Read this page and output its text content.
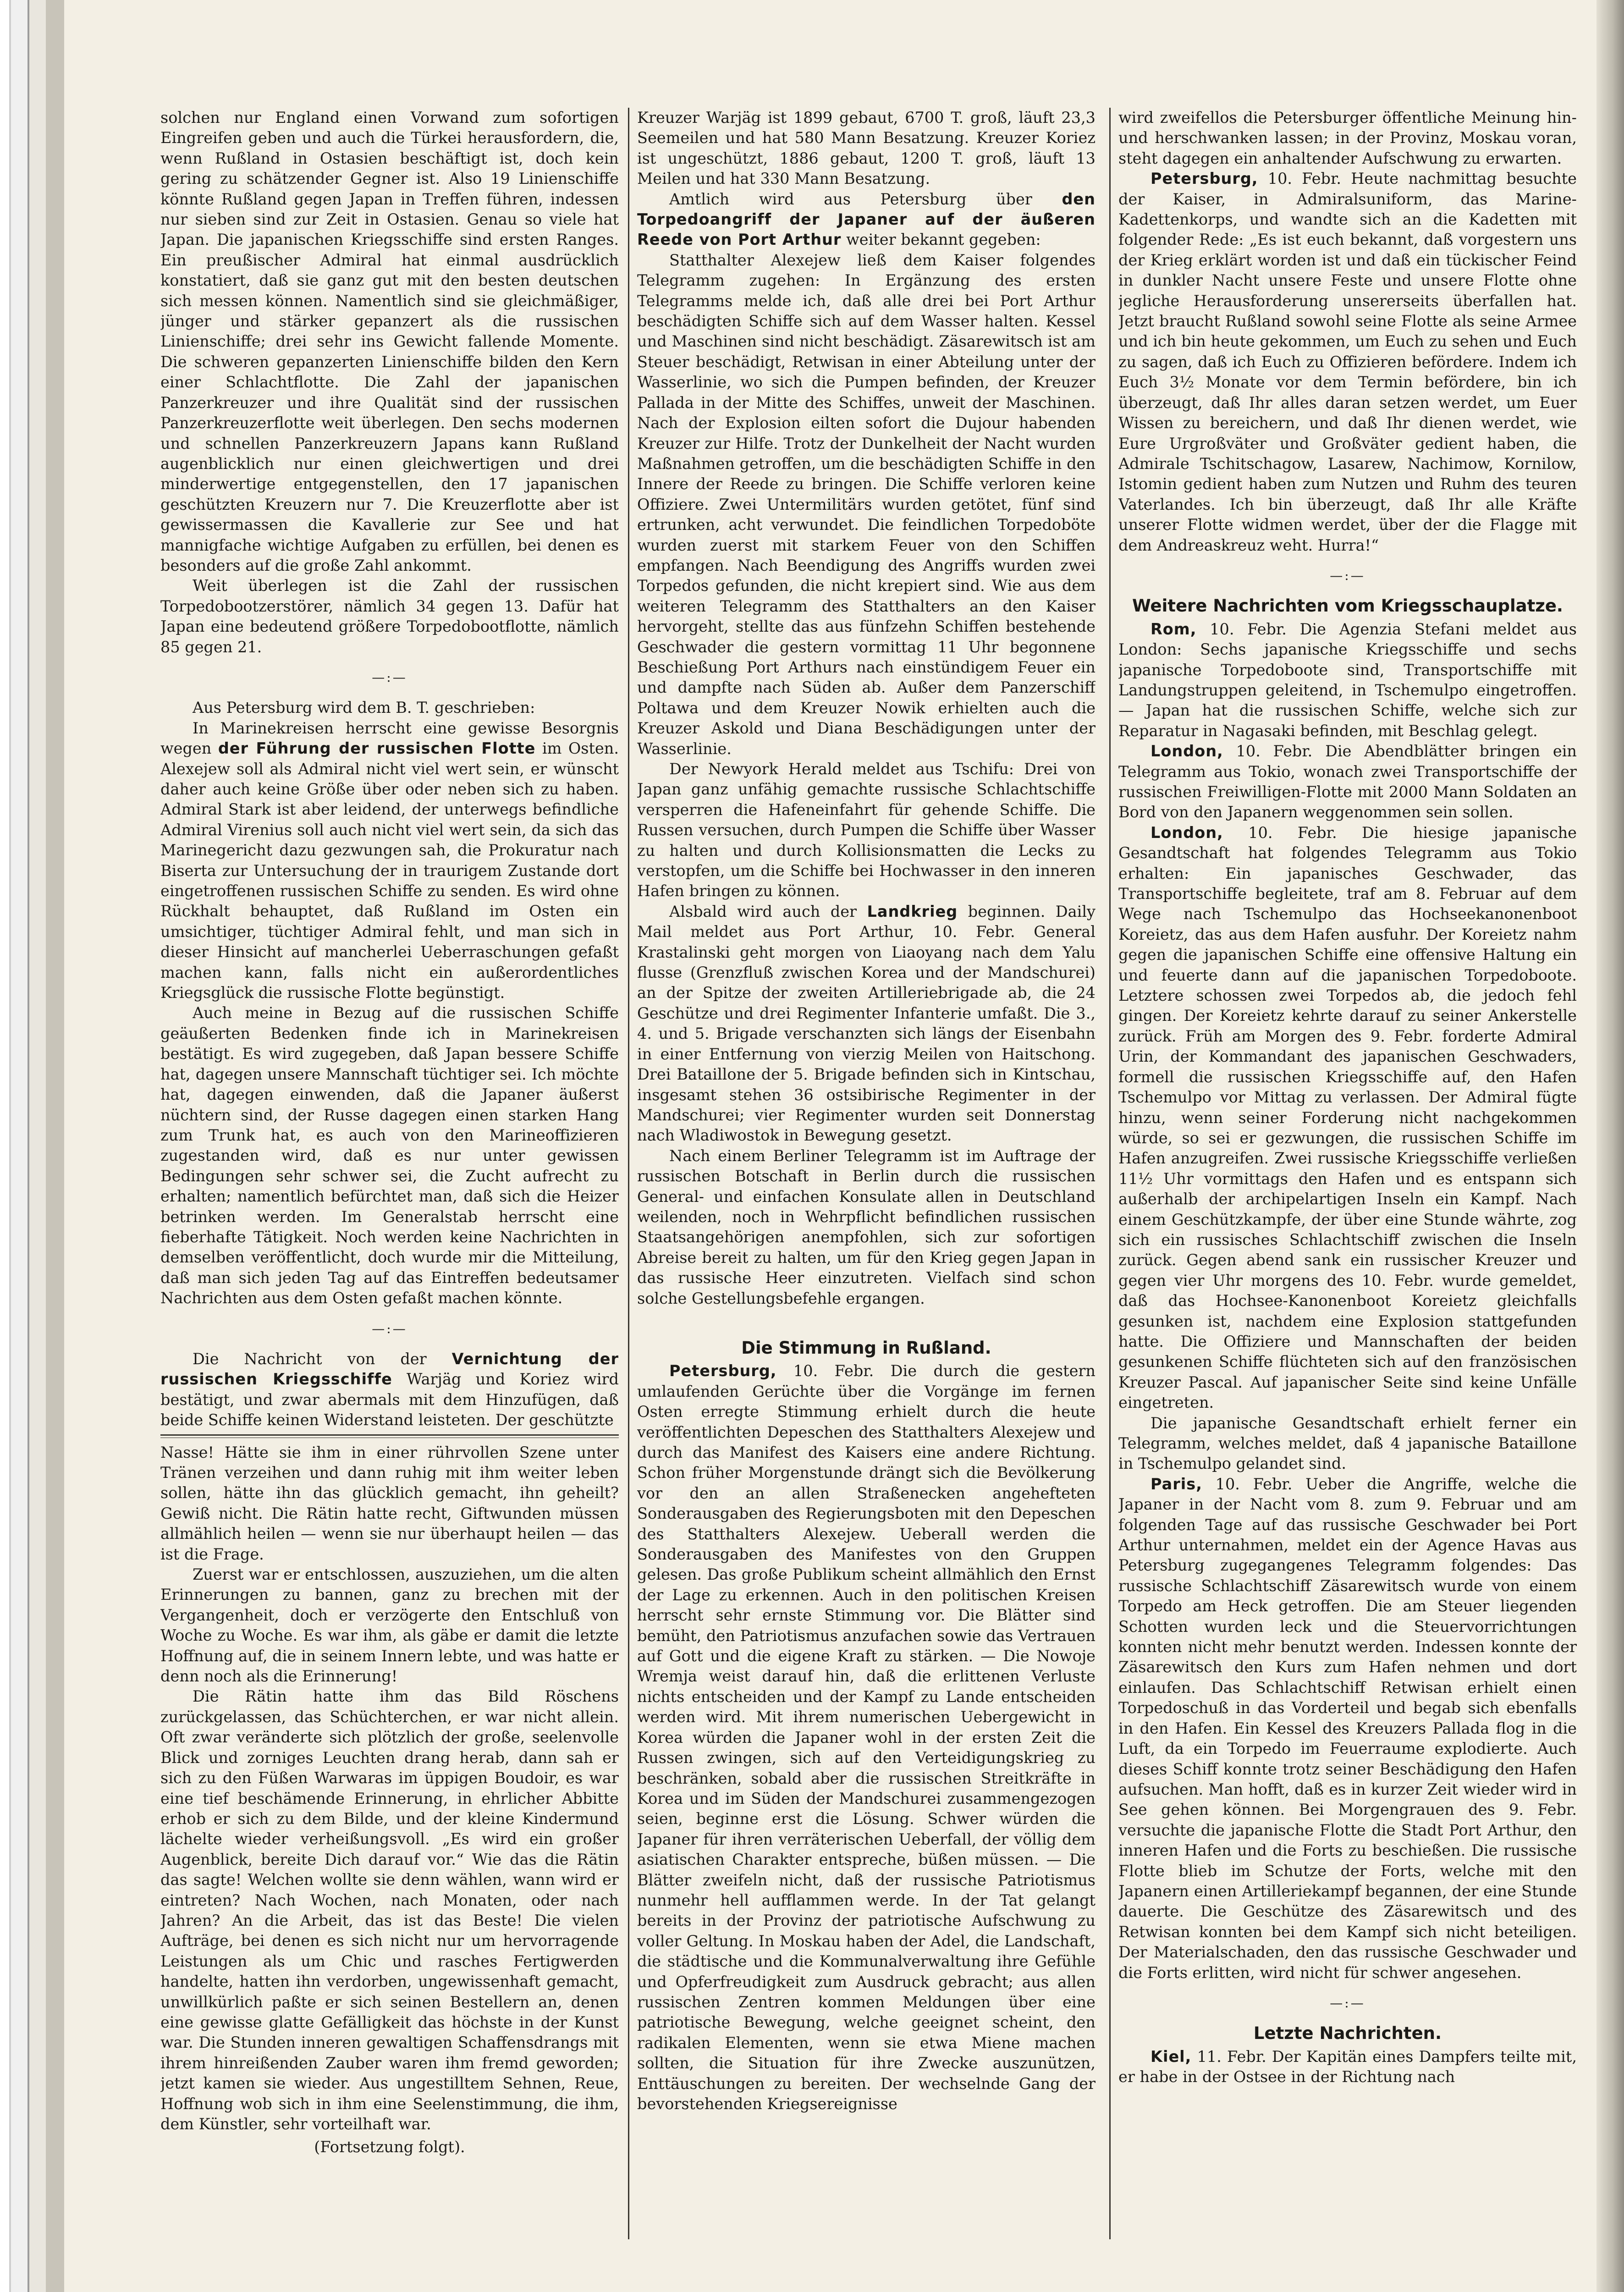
solchen nur England einen Vorwand zum sofortigen Eingreifen geben und auch die Türkei herausfordern, die, wenn Rußland in Ostasien beschäftigt ist, doch kein gering zu schätzender Gegner ist. Also 19 Linienschiffe könnte Rußland gegen Japan in Treffen führen, indessen nur sieben sind zur Zeit in Ostasien. Genau so viele hat Japan. Die japanischen Kriegsschiffe sind ersten Ranges. Ein preußischer Admiral hat einmal ausdrücklich konstatiert, daß sie ganz gut mit den besten deutschen sich messen können. Namentlich sind sie gleichmäßiger, jünger und stärker gepanzert als die russischen Linienschiffe; drei sehr ins Gewicht fallende Momente. Die schweren gepanzerten Linienschiffe bilden den Kern einer Schlachtflotte. Die Zahl der japanischen Panzerkreuzer und ihre Qualität sind der russischen Panzerkreuzerflotte weit überlegen. Den sechs modernen und schnellen Panzerkreuzern Japans kann Rußland augenblicklich nur einen gleichwertigen und drei minderwertige entgegenstellen, den 17 japanischen geschützten Kreuzern nur 7. Die Kreuzerflotte aber ist gewissermassen die Kavallerie zur See und hat mannigfache wichtige Aufgaben zu erfüllen, bei denen es besonders auf die große Zahl ankommt.

Weit überlegen ist die Zahl der russischen Torpedobootzerstörer, nämlich 34 gegen 13. Dafür hat Japan eine bedeutend größere Torpedobootflotte, nämlich 85 gegen 21.

—:—

Aus Petersburg wird dem B. T. geschrieben:

In Marinekreisen herrscht eine gewisse Besorgnis wegen der Führung der russischen Flotte im Osten. Alexejew soll als Admiral nicht viel wert sein, er wünscht daher auch keine Größe über oder neben sich zu haben. Admiral Stark ist aber leidend, der unterwegs befindliche Admiral Virenius soll auch nicht viel wert sein, da sich das Marinegericht dazu gezwungen sah, die Prokuratur nach Biserta zur Untersuchung der in traurigem Zustande dort eingetroffenen russischen Schiffe zu senden. Es wird ohne Rückhalt behauptet, daß Rußland im Osten ein umsichtiger, tüchtiger Admiral fehlt, und man sich in dieser Hinsicht auf mancherlei Ueberraschungen gefaßt machen kann, falls nicht ein außerordentliches Kriegsglück die russische Flotte begünstigt.

Auch meine in Bezug auf die russischen Schiffe geäußerten Bedenken finde ich in Marinekreisen bestätigt. Es wird zugegeben, daß Japan bessere Schiffe hat, dagegen unsere Mannschaft tüchtiger sei. Ich möchte hat, dagegen einwenden, daß die Japaner äußerst nüchtern sind, der Russe dagegen einen starken Hang zum Trunk hat, es auch von den Marineoffizieren zugestanden wird, daß es nur unter gewissen Bedingungen sehr schwer sei, die Zucht aufrecht zu erhalten; namentlich befürchtet man, daß sich die Heizer betrinken werden. Im Generalstab herrscht eine fieberhafte Tätigkeit. Noch werden keine Nachrichten in demselben veröffentlicht, doch wurde mir die Mitteilung, daß man sich jeden Tag auf das Eintreffen bedeutsamer Nachrichten aus dem Osten gefaßt machen könnte.

—:—

Die Nachricht von der Vernichtung der russischen Kriegsschiffe Warjäg und Koriez wird bestätigt, und zwar abermals mit dem Hinzufügen, daß beide Schiffe keinen Widerstand leisteten. Der geschützte

Nasse! Hätte sie ihm in einer rührvollen Szene unter Tränen verzeihen und dann ruhig mit ihm weiter leben sollen, hätte ihn das glücklich gemacht, ihn geheilt? Gewiß nicht. Die Rätin hatte recht, Giftwunden müssen allmählich heilen — wenn sie nur überhaupt heilen — das ist die Frage.

Zuerst war er entschlossen, auszuziehen, um die alten Erinnerungen zu bannen, ganz zu brechen mit der Vergangenheit, doch er verzögerte den Entschluß von Woche zu Woche. Es war ihm, als gäbe er damit die letzte Hoffnung auf, die in seinem Innern lebte, und was hatte er denn noch als die Erinnerung!

Die Rätin hatte ihm das Bild Röschens zurückgelassen, das Schüchterchen, er war nicht allein. Oft zwar veränderte sich plötzlich der große, seelenvolle Blick und zorniges Leuchten drang herab, dann sah er sich zu den Füßen Warwaras im üppigen Boudoir, es war eine tief beschämende Erinnerung, in ehrlicher Abbitte erhob er sich zu dem Bilde, und der kleine Kindermund lächelte wieder verheißungsvoll. „Es wird ein großer Augenblick, bereite Dich darauf vor.“ Wie das die Rätin das sagte! Welchen wollte sie denn wählen, wann wird er eintreten? Nach Wochen, nach Monaten, oder nach Jahren? An die Arbeit, das ist das Beste! Die vielen Aufträge, bei denen es sich nicht nur um hervorragende Leistungen als um Chic und rasches Fertigwerden handelte, hatten ihn verdorben, ungewissenhaft gemacht, unwillkürlich paßte er sich seinen Bestellern an, denen eine gewisse glatte Gefälligkeit das höchste in der Kunst war. Die Stunden inneren gewaltigen Schaffensdrangs mit ihrem hinreißenden Zauber waren ihm fremd geworden; jetzt kamen sie wieder. Aus ungestilltem Sehnen, Reue, Hoffnung wob sich in ihm eine Seelenstimmung, die ihm, dem Künstler, sehr vorteilhaft war.

(Fortsetzung folgt).

Kreuzer Warjäg ist 1899 gebaut, 6700 T. groß, läuft 23,3 Seemeilen und hat 580 Mann Besatzung. Kreuzer Koriez ist ungeschützt, 1886 gebaut, 1200 T. groß, läuft 13 Meilen und hat 330 Mann Besatzung.

Amtlich wird aus Petersburg über den Torpedoangriff der Japaner auf der äußeren Reede von Port Arthur weiter bekannt gegeben:

Statthalter Alexejew ließ dem Kaiser folgendes Telegramm zugehen: In Ergänzung des ersten Telegramms melde ich, daß alle drei bei Port Arthur beschädigten Schiffe sich auf dem Wasser halten. Kessel und Maschinen sind nicht beschädigt. Zäsarewitsch ist am Steuer beschädigt, Retwisan in einer Abteilung unter der Wasserlinie, wo sich die Pumpen befinden, der Kreuzer Pallada in der Mitte des Schiffes, unweit der Maschinen. Nach der Explosion eilten sofort die Dujour habenden Kreuzer zur Hilfe. Trotz der Dunkelheit der Nacht wurden Maßnahmen getroffen, um die beschädigten Schiffe in den Innere der Reede zu bringen. Die Schiffe verloren keine Offiziere. Zwei Untermilitärs wurden getötet, fünf sind ertrunken, acht verwundet. Die feindlichen Torpedoböte wurden zuerst mit starkem Feuer von den Schiffen empfangen. Nach Beendigung des Angriffs wurden zwei Torpedos gefunden, die nicht krepiert sind. Wie aus dem weiteren Telegramm des Statthalters an den Kaiser hervorgeht, stellte das aus fünfzehn Schiffen bestehende Geschwader die gestern vormittag 11 Uhr begonnene Beschießung Port Arthurs nach einstündigem Feuer ein und dampfte nach Süden ab. Außer dem Panzerschiff Poltawa und dem Kreuzer Nowik erhielten auch die Kreuzer Askold und Diana Beschädigungen unter der Wasserlinie.

Der Newyork Herald meldet aus Tschifu: Drei von Japan ganz unfähig gemachte russische Schlachtschiffe versperren die Hafeneinfahrt für gehende Schiffe. Die Russen versuchen, durch Pumpen die Schiffe über Wasser zu halten und durch Kollisionsmatten die Lecks zu verstopfen, um die Schiffe bei Hochwasser in den inneren Hafen bringen zu können.

Alsbald wird auch der Landkrieg beginnen. Daily Mail meldet aus Port Arthur, 10. Febr. General Krastalinski geht morgen von Liaoyang nach dem Yalu flusse (Grenzfluß zwischen Korea und der Mandschurei) an der Spitze der zweiten Artilleriebrigade ab, die 24 Geschütze und drei Regimenter Infanterie umfaßt. Die 3., 4. und 5. Brigade verschanzten sich längs der Eisenbahn in einer Entfernung von vierzig Meilen von Haitschong. Drei Bataillone der 5. Brigade befinden sich in Kintschau, insgesamt stehen 36 ostsibirische Regimenter in der Mandschurei; vier Regimenter wurden seit Donnerstag nach Wladiwostok in Bewegung gesetzt.

Nach einem Berliner Telegramm ist im Auftrage der russischen Botschaft in Berlin durch die russischen General- und einfachen Konsulate allen in Deutschland weilenden, noch in Wehrpflicht befindlichen russischen Staatsangehörigen anempfohlen, sich zur sofortigen Abreise bereit zu halten, um für den Krieg gegen Japan in das russische Heer einzutreten. Vielfach sind schon solche Gestellungsbefehle ergangen.

Die Stimmung in Rußland.

Petersburg, 10. Febr. Die durch die gestern umlaufenden Gerüchte über die Vorgänge im fernen Osten erregte Stimmung erhielt durch die heute veröffentlichten Depeschen des Statthalters Alexejew und durch das Manifest des Kaisers eine andere Richtung. Schon früher Morgenstunde drängt sich die Bevölkerung vor den an allen Straßenecken angehefteten Sonderausgaben des Regierungsboten mit den Depeschen des Statthalters Alexejew. Ueberall werden die Sonderausgaben des Manifestes von den Gruppen gelesen. Das große Publikum scheint allmählich den Ernst der Lage zu erkennen. Auch in den politischen Kreisen herrscht sehr ernste Stimmung vor. Die Blätter sind bemüht, den Patriotismus anzufachen sowie das Vertrauen auf Gott und die eigene Kraft zu stärken. — Die Nowoje Wremja weist darauf hin, daß die erlittenen Verluste nichts entscheiden und der Kampf zu Lande entscheiden werden wird. Mit ihrem numerischen Uebergewicht in Korea würden die Japaner wohl in der ersten Zeit die Russen zwingen, sich auf den Verteidigungskrieg zu beschränken, sobald aber die russischen Streitkräfte in Korea und im Süden der Mandschurei zusammengezogen seien, beginne erst die Lösung. Schwer würden die Japaner für ihren verräterischen Ueberfall, der völlig dem asiatischen Charakter entspreche, büßen müssen. — Die Blätter zweifeln nicht, daß der russische Patriotismus nunmehr hell aufflammen werde. In der Tat gelangt bereits in der Provinz der patriotische Aufschwung zu voller Geltung. In Moskau haben der Adel, die Landschaft, die städtische und die Kommunalverwaltung ihre Gefühle und Opferfreudigkeit zum Ausdruck gebracht; aus allen russischen Zentren kommen Meldungen über eine patriotische Bewegung, welche geeignet scheint, den radikalen Elementen, wenn sie etwa Miene machen sollten, die Situation für ihre Zwecke auszunützen, Enttäuschungen zu bereiten. Der wechselnde Gang der bevorstehenden Kriegsereignisse

wird zweifellos die Petersburger öffentliche Meinung hin- und herschwanken lassen; in der Provinz, Moskau voran, steht dagegen ein anhaltender Aufschwung zu erwarten.

Petersburg, 10. Febr. Heute nachmittag besuchte der Kaiser, in Admiralsuniform, das Marine-Kadettenkorps, und wandte sich an die Kadetten mit folgender Rede: „Es ist euch bekannt, daß vorgestern uns der Krieg erklärt worden ist und daß ein tückischer Feind in dunkler Nacht unsere Feste und unsere Flotte ohne jegliche Herausforderung unsererseits überfallen hat. Jetzt braucht Rußland sowohl seine Flotte als seine Armee und ich bin heute gekommen, um Euch zu sehen und Euch zu sagen, daß ich Euch zu Offizieren befördere. Indem ich Euch 3½ Monate vor dem Termin befördere, bin ich überzeugt, daß Ihr alles daran setzen werdet, um Euer Wissen zu bereichern, und daß Ihr dienen werdet, wie Eure Urgroßväter und Großväter gedient haben, die Admirale Tschitschagow, Lasarew, Nachimow, Kornilow, Istomin gedient haben zum Nutzen und Ruhm des teuren Vaterlandes. Ich bin überzeugt, daß Ihr alle Kräfte unserer Flotte widmen werdet, über der die Flagge mit dem Andreaskreuz weht. Hurra!“

—:—
Weitere Nachrichten vom Kriegsschauplatze.

Rom, 10. Febr. Die Agenzia Stefani meldet aus London: Sechs japanische Kriegsschiffe und sechs japanische Torpedoboote sind, Transportschiffe mit Landungstruppen geleitend, in Tschemulpo eingetroffen. — Japan hat die russischen Schiffe, welche sich zur Reparatur in Nagasaki befinden, mit Beschlag gelegt.

London, 10. Febr. Die Abendblätter bringen ein Telegramm aus Tokio, wonach zwei Transportschiffe der russischen Freiwilligen-Flotte mit 2000 Mann Soldaten an Bord von den Japanern weggenommen sein sollen.

London, 10. Febr. Die hiesige japanische Gesandtschaft hat folgendes Telegramm aus Tokio erhalten: Ein japanisches Geschwader, das Transportschiffe begleitete, traf am 8. Februar auf dem Wege nach Tschemulpo das Hochseekanonenboot Koreietz, das aus dem Hafen ausfuhr. Der Koreietz nahm gegen die japanischen Schiffe eine offensive Haltung ein und feuerte dann auf die japanischen Torpedoboote. Letztere schossen zwei Torpedos ab, die jedoch fehl gingen. Der Koreietz kehrte darauf zu seiner Ankerstelle zurück. Früh am Morgen des 9. Febr. forderte Admiral Urin, der Kommandant des japanischen Geschwaders, formell die russischen Kriegsschiffe auf, den Hafen Tschemulpo vor Mittag zu verlassen. Der Admiral fügte hinzu, wenn seiner Forderung nicht nachgekommen würde, so sei er gezwungen, die russischen Schiffe im Hafen anzugreifen. Zwei russische Kriegsschiffe verließen 11½ Uhr vormittags den Hafen und es entspann sich außerhalb der archipelartigen Inseln ein Kampf. Nach einem Geschützkampfe, der über eine Stunde währte, zog sich ein russisches Schlachtschiff zwischen die Inseln zurück. Gegen abend sank ein russischer Kreuzer und gegen vier Uhr morgens des 10. Febr. wurde gemeldet, daß das Hochsee-Kanonenboot Koreietz gleichfalls gesunken ist, nachdem eine Explosion stattgefunden hatte. Die Offiziere und Mannschaften der beiden gesunkenen Schiffe flüchteten sich auf den französischen Kreuzer Pascal. Auf japanischer Seite sind keine Unfälle eingetreten.

Die japanische Gesandtschaft erhielt ferner ein Telegramm, welches meldet, daß 4 japanische Bataillone in Tschemulpo gelandet sind.

Paris, 10. Febr. Ueber die Angriffe, welche die Japaner in der Nacht vom 8. zum 9. Februar und am folgenden Tage auf das russische Geschwader bei Port Arthur unternahmen, meldet ein der Agence Havas aus Petersburg zugegangenes Telegramm folgendes: Das russische Schlachtschiff Zäsarewitsch wurde von einem Torpedo am Heck getroffen. Die am Steuer liegenden Schotten wurden leck und die Steuervorrichtungen konnten nicht mehr benutzt werden. Indessen konnte der Zäsarewitsch den Kurs zum Hafen nehmen und dort einlaufen. Das Schlachtschiff Retwisan erhielt einen Torpedoschuß in das Vorderteil und begab sich ebenfalls in den Hafen. Ein Kessel des Kreuzers Pallada flog in die Luft, da ein Torpedo im Feuerraume explodierte. Auch dieses Schiff konnte trotz seiner Beschädigung den Hafen aufsuchen. Man hofft, daß es in kurzer Zeit wieder wird in See gehen können. Bei Morgengrauen des 9. Febr. versuchte die japanische Flotte die Stadt Port Arthur, den inneren Hafen und die Forts zu beschießen. Die russische Flotte blieb im Schutze der Forts, welche mit den Japanern einen Artilleriekampf begannen, der eine Stunde dauerte. Die Geschütze des Zäsarewitsch und des Retwisan konnten bei dem Kampf sich nicht beteiligen. Der Materialschaden, den das russische Geschwader und die Forts erlitten, wird nicht für schwer angesehen.

—:—
Letzte Nachrichten.

Kiel, 11. Febr. Der Kapitän eines Dampfers teilte mit, er habe in der Ostsee in der Richtung nach
